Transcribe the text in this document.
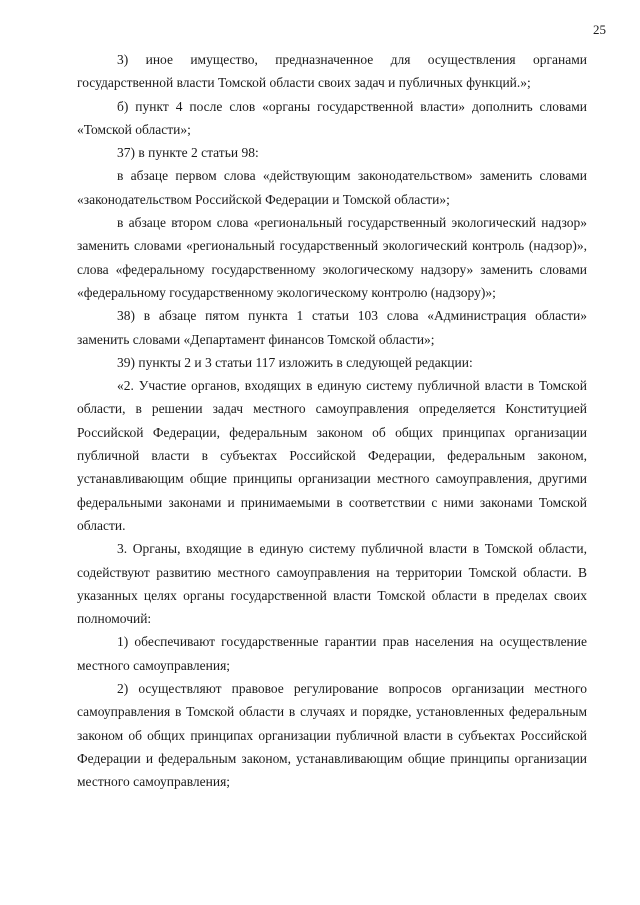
25

3) иное имущество, предназначенное для осуществления органами государственной власти Томской области своих задач и публичных функций.»;

б) пункт 4 после слов «органы государственной власти» дополнить словами «Томской области»;

37) в пункте 2 статьи 98:

в абзаце первом слова «действующим законодательством» заменить словами «законодательством Российской Федерации и Томской области»;

в абзаце втором слова «региональный государственный экологический надзор» заменить словами «региональный государственный экологический контроль (надзор)», слова «федеральному государственному экологическому надзору» заменить словами «федеральному государственному экологическому контролю (надзору)»;

38) в абзаце пятом пункта 1 статьи 103 слова «Администрация области» заменить словами «Департамент финансов Томской области»;

39) пункты 2 и 3 статьи 117 изложить в следующей редакции:

«2. Участие органов, входящих в единую систему публичной власти в Томской области, в решении задач местного самоуправления определяется Конституцией Российской Федерации, федеральным законом об общих принципах организации публичной власти в субъектах Российской Федерации, федеральным законом, устанавливающим общие принципы организации местного самоуправления, другими федеральными законами и принимаемыми в соответствии с ними законами Томской области.

3. Органы, входящие в единую систему публичной власти в Томской области, содействуют развитию местного самоуправления на территории Томской области. В указанных целях органы государственной власти Томской области в пределах своих полномочий:

1) обеспечивают государственные гарантии прав населения на осуществление местного самоуправления;

2) осуществляют правовое регулирование вопросов организации местного самоуправления в Томской области в случаях и порядке, установленных федеральным законом об общих принципах организации публичной власти в субъектах Российской Федерации и федеральным законом, устанавливающим общие принципы организации местного самоуправления;
